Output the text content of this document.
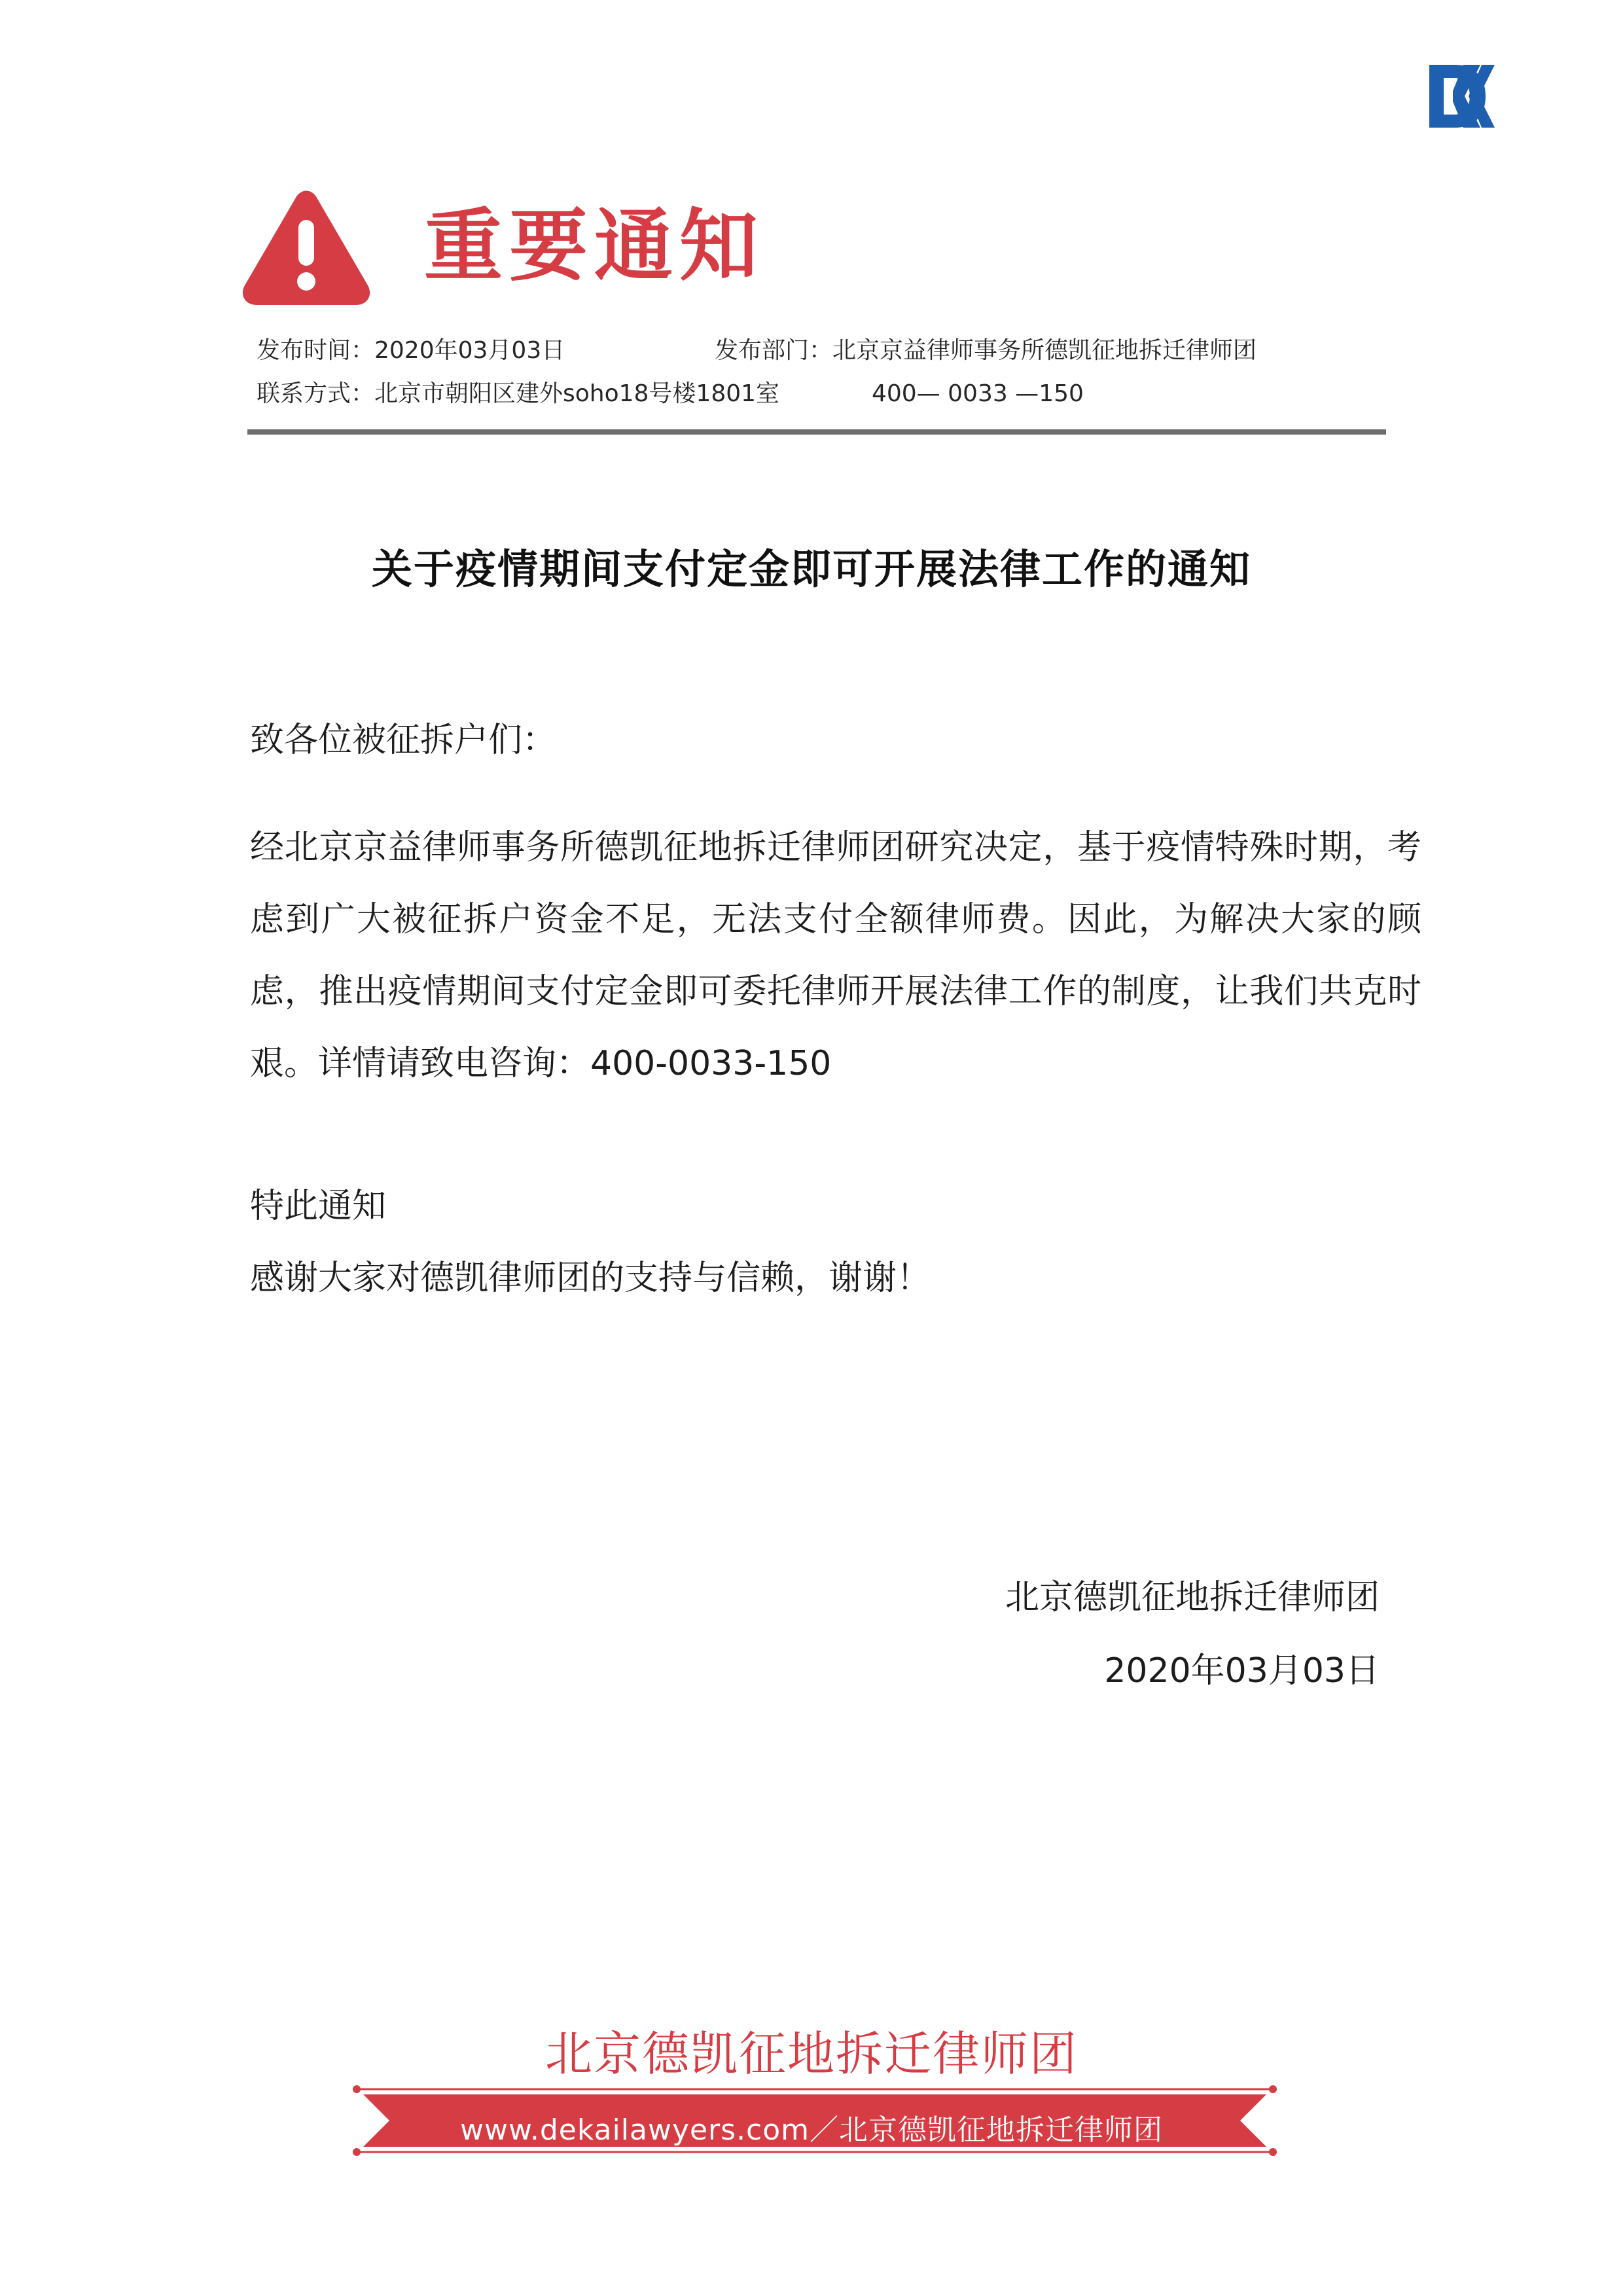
重要通知
发布时间：2020年03月03日	发布部门：北京京益律师事务所德凯征地拆迁律师团
联系方式：北京市朝阳区建外soho18号楼1801室	400— 0033 —150
关于疫情期间支付定金即可开展法律工作的通知
致各位被征拆户们：
经北京京益律师事务所德凯征地拆迁律师团研究决定，基于疫情特殊时期，考虑到广大被征拆户资金不足，无法支付全额律师费。因此，为解决大家的顾虑，推出疫情期间支付定金即可委托律师开展法律工作的制度，让我们共克时艰。详情请致电咨询：400-0033-150
特此通知
感谢大家对德凯律师团的支持与信赖，谢谢！
北京德凯征地拆迁律师团
2020年03月03日
北京德凯征地拆迁律师团
www.dekailawyers.com／北京德凯征地拆迁律师团
